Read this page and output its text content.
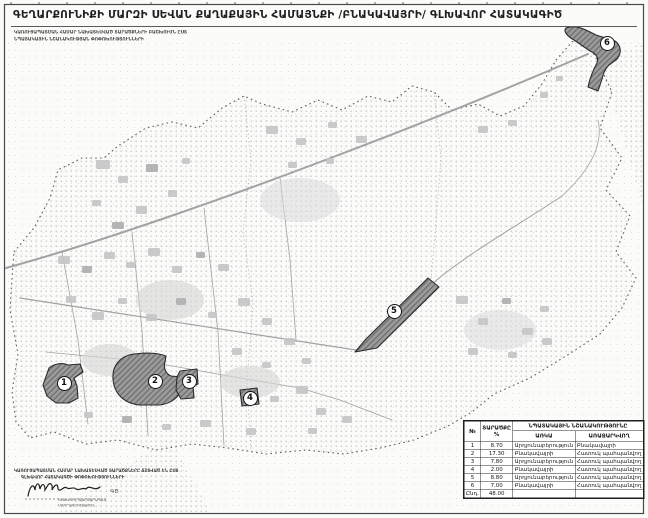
ԳԵՂԱՐՔՈՒՆԻՔԻ ՄԱՐԶԻ ՍԵՎԱՆ ՔԱՂԱՔԱՅԻՆ ՀԱՄԱՅՆՔԻ /ԲՆԱԿԱՎԱՅՐԻ/ ԳԼԽԱՎՈՐ ՀԱՏԱԿԱԳԻԾ
ԿԱՌՈՒՑԱՊԱՏՄԱՆ ՀԱՄԱՐ ՆԱԽԱՏԵՍՎԱԾ ՏԱՐԱԾՔՆԵՐԻ ԲԱՇԽՈՒՄՆ ԸՍՏ
ՆՊԱՏԱԿԱՅԻՆ ՆՇԱՆԱԿՈՒԹՅԱՆ ՓՈՓՈԽՈՒԹՅՈՒՆՆԵՐԻ
1	2	3
4
5
6
№	ՏԱՐԱԾՔԸ
%	ՆՊԱՏԱԿԱՅԻՆ ՆՇԱՆԱԿՈՒԹՅՈՒՆԸ	
		ԱՌԿԱ	ԱՌԱՋԱՐԿՎՈՂ
1	8.70	Արդյունաբերություն	Բնակավայրի
2	17.30	Բնակավայրի	Հատուկ պահպանվող
3	7.80	Արդյունաբերություն	Հատուկ պահպանվող
4	2.00	Բնակավայրի	Հատուկ պահպանվող
5	8.80	Արդյունաբերություն	Հատուկ պահպանվող
6	7.00	Բնակավայրի	Հատուկ պահպանվող
Ընդ.	48.00		
ԿԱՌՈՒՑԱՊԱՏՄԱՆ ՀԱՄԱՐ ՆԱԽԱՏԵՍՎԱԾ ՏԱՐԱԾՔՆԵՐԸ ՃՇՏՎԱԾ ԵՆ ԸՍՏ
ԳԼԽԱՎՈՐ ՀԱՏԱԿԱԳԾԻ ՓՈՓՈԽՈՒԹՅՈՒՆՆԵՐԻ
ԳԾ
ԳԼԽԱՎՈՐ ՃԱՐՏԱՐԱՊԵՏ
ՍՏՈՐԱԳՐՈՒԹՅՈՒՆ
